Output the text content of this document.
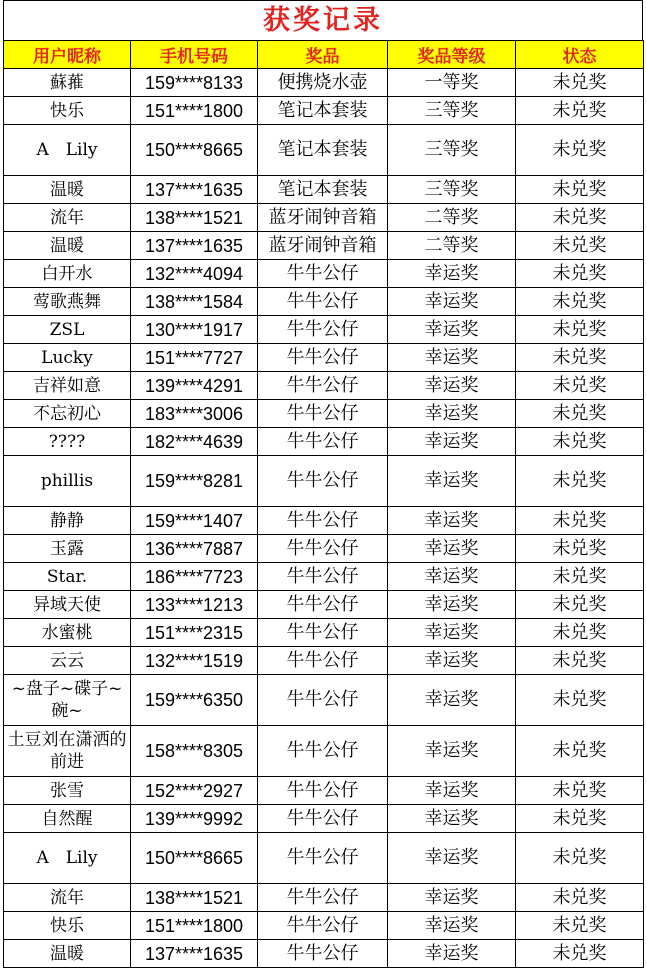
获奖记录
用户昵称	手机号码	奖品	奖品等级	状态
蘇蓷	159****8133	便携烧水壶	一等奖	未兑奖
快乐	151****1800	笔记本套装	三等奖	未兑奖
A　Lily	150****8665	笔记本套装	三等奖	未兑奖
温暖	137****1635	笔记本套装	三等奖	未兑奖
流年	138****1521	蓝牙闹钟音箱	二等奖	未兑奖
温暖	137****1635	蓝牙闹钟音箱	二等奖	未兑奖
白开水	132****4094	牛牛公仔	幸运奖	未兑奖
莺歌燕舞	138****1584	牛牛公仔	幸运奖	未兑奖
ZSL	130****1917	牛牛公仔	幸运奖	未兑奖
Lucky	151****7727	牛牛公仔	幸运奖	未兑奖
吉祥如意	139****4291	牛牛公仔	幸运奖	未兑奖
不忘初心	183****3006	牛牛公仔	幸运奖	未兑奖
????	182****4639	牛牛公仔	幸运奖	未兑奖
phillis	159****8281	牛牛公仔	幸运奖	未兑奖
静静	159****1407	牛牛公仔	幸运奖	未兑奖
玉露	136****7887	牛牛公仔	幸运奖	未兑奖
Star.	186****7723	牛牛公仔	幸运奖	未兑奖
异域天使	133****1213	牛牛公仔	幸运奖	未兑奖
水蜜桃	151****2315	牛牛公仔	幸运奖	未兑奖
云云	132****1519	牛牛公仔	幸运奖	未兑奖
~盘子~碟子~碗~	159****6350	牛牛公仔	幸运奖	未兑奖
土豆刘在潇洒的前进	158****8305	牛牛公仔	幸运奖	未兑奖
张雪	152****2927	牛牛公仔	幸运奖	未兑奖
自然醒	139****9992	牛牛公仔	幸运奖	未兑奖
A　Lily	150****8665	牛牛公仔	幸运奖	未兑奖
流年	138****1521	牛牛公仔	幸运奖	未兑奖
快乐	151****1800	牛牛公仔	幸运奖	未兑奖
温暖	137****1635	牛牛公仔	幸运奖	未兑奖
